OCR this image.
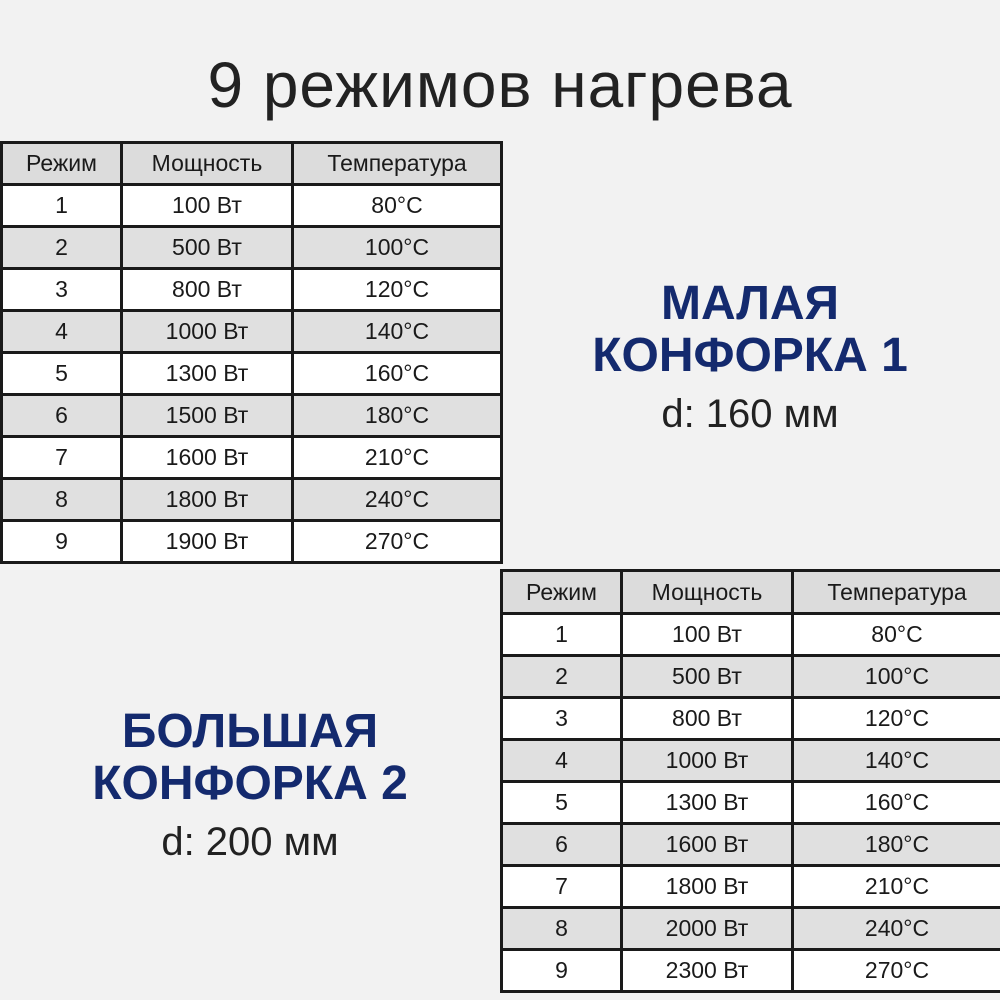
9 режимов нагрева
Режим	Мощность	Температура
1	100 Вт	80°C
2	500 Вт	100°C
3	800 Вт	120°C
4	1000 Вт	140°C
5	1300 Вт	160°C
6	1500 Вт	180°C
7	1600 Вт	210°C
8	1800 Вт	240°C
9	1900 Вт	270°C
МАЛАЯ
КОНФОРКА 1
d: 160 мм
Режим	Мощность	Температура
1	100 Вт	80°C
2	500 Вт	100°C
3	800 Вт	120°C
4	1000 Вт	140°C
5	1300 Вт	160°C
6	1600 Вт	180°C
7	1800 Вт	210°C
8	2000 Вт	240°C
9	2300 Вт	270°C
БОЛЬШАЯ
КОНФОРКА 2
d: 200 мм
